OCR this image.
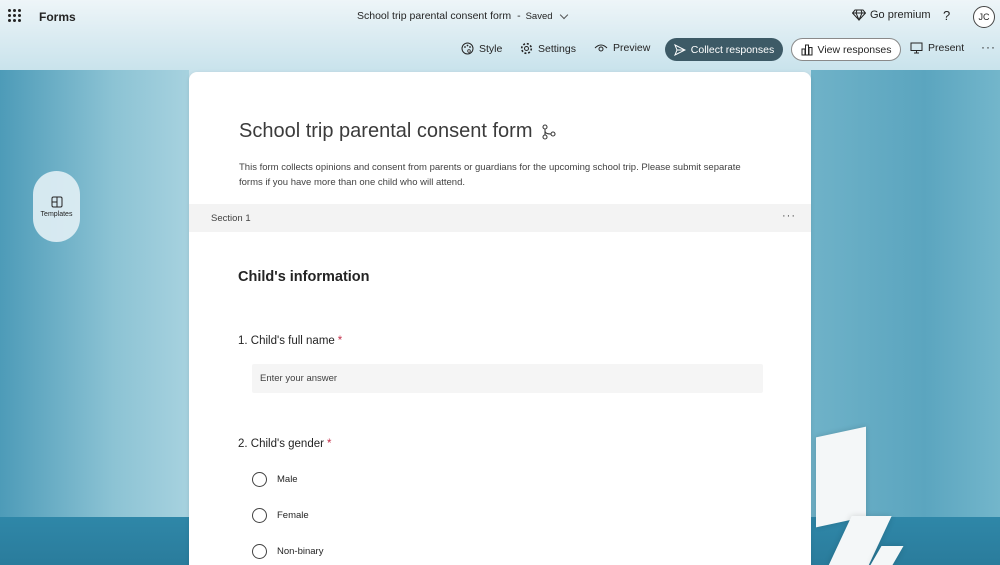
Forms	School trip parental consent form - Saved	Go premium ?	JC
Style	Settings	Preview	Collect responses	View responses	Present ···
Templates
School trip parental consent form
This form collects opinions and consent from parents or guardians for the upcoming school trip. Please submit separate forms if you have more than one child who will attend.
Section 1	···
Child's information
1. Child's full name *
Enter your answer
2. Child's gender *
Male
Female
Non-binary
